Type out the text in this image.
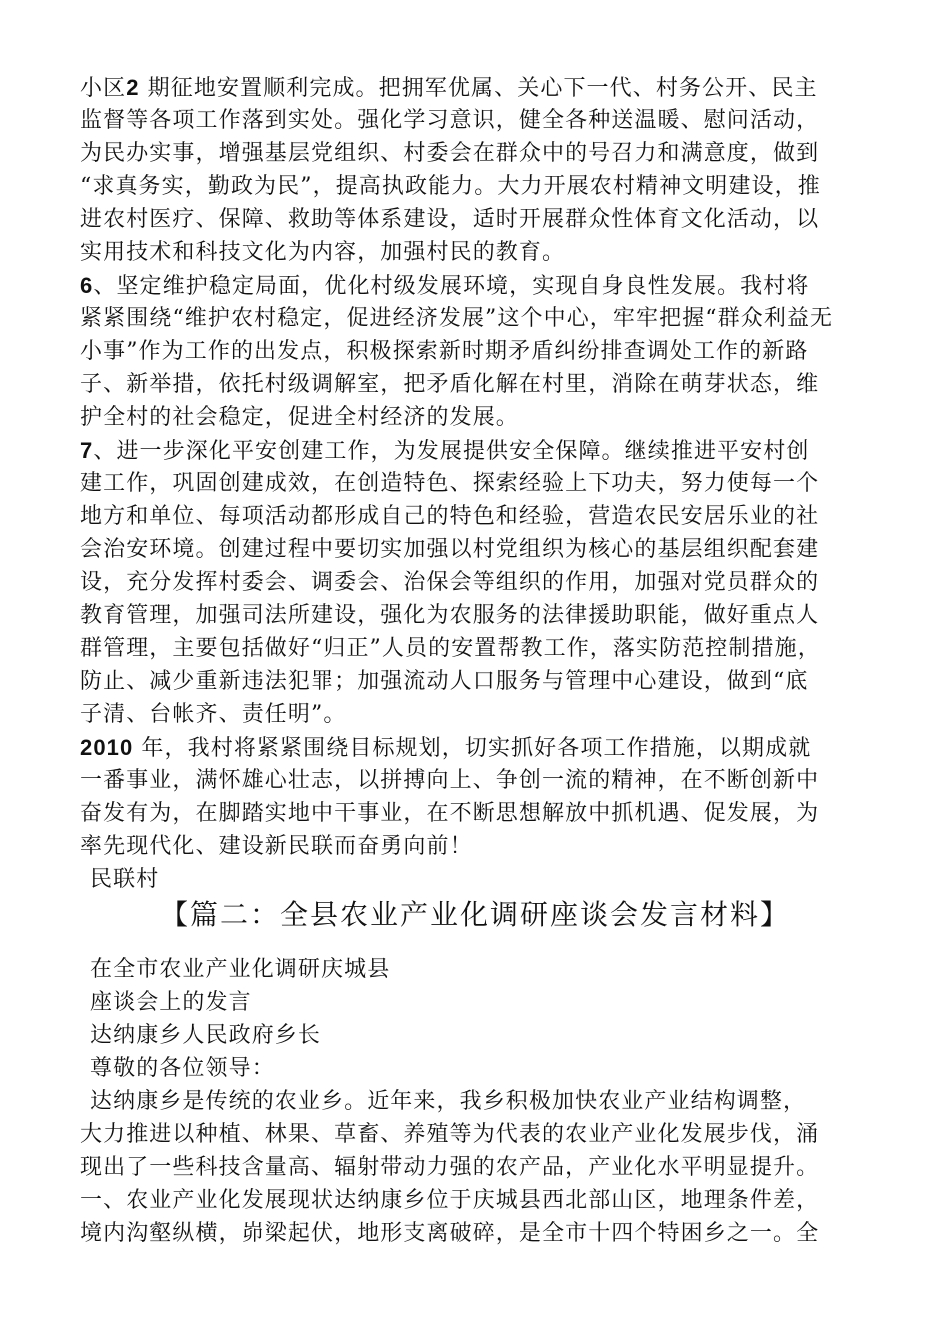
小区2 期征地安置顺利完成。把拥军优属、关心下一代、村务公开、民主
监督等各项工作落到实处。强化学习意识，健全各种送温暖、慰问活动，
为民办实事，增强基层党组织、村委会在群众中的号召力和满意度，做到
“求真务实，勤政为民”，提高执政能力。大力开展农村精神文明建设，推
进农村医疗、保障、救助等体系建设，适时开展群众性体育文化活动，以
实用技术和科技文化为内容，加强村民的教育。
6、坚定维护稳定局面，优化村级发展环境，实现自身良性发展。我村将
紧紧围绕“维护农村稳定，促进经济发展”这个中心，牢牢把握“群众利益无
小事”作为工作的出发点，积极探索新时期矛盾纠纷排查调处工作的新路
子、新举措，依托村级调解室，把矛盾化解在村里，消除在萌芽状态，维
护全村的社会稳定，促进全村经济的发展。
7、进一步深化平安创建工作，为发展提供安全保障。继续推进平安村创
建工作，巩固创建成效，在创造特色、探索经验上下功夫，努力使每一个
地方和单位、每项活动都形成自己的特色和经验，营造农民安居乐业的社
会治安环境。创建过程中要切实加强以村党组织为核心的基层组织配套建
设，充分发挥村委会、调委会、治保会等组织的作用，加强对党员群众的
教育管理，加强司法所建设，强化为农服务的法律援助职能，做好重点人
群管理，主要包括做好“归正”人员的安置帮教工作，落实防范控制措施，
防止、减少重新违法犯罪；加强流动人口服务与管理中心建设，做到“底
子清、台帐齐、责任明”。
2010 年，我村将紧紧围绕目标规划，切实抓好各项工作措施，以期成就
一番事业，满怀雄心壮志，以拼搏向上、争创一流的精神，在不断创新中
奋发有为，在脚踏实地中干事业，在不断思想解放中抓机遇、促发展，为
率先现代化、建设新民联而奋勇向前！
民联村
【篇二：全县农业产业化调研座谈会发言材料】
在全市农业产业化调研庆城县
座谈会上的发言
达纳康乡人民政府乡长
尊敬的各位领导：
达纳康乡是传统的农业乡。近年来，我乡积极加快农业产业结构调整，
大力推进以种植、林果、草畜、养殖等为代表的农业产业化发展步伐，涌
现出了一些科技含量高、辐射带动力强的农产品，产业化水平明显提升。
一、农业产业化发展现状达纳康乡位于庆城县西北部山区，地理条件差，
境内沟壑纵横，峁梁起伏，地形支离破碎，是全市十四个特困乡之一。全
